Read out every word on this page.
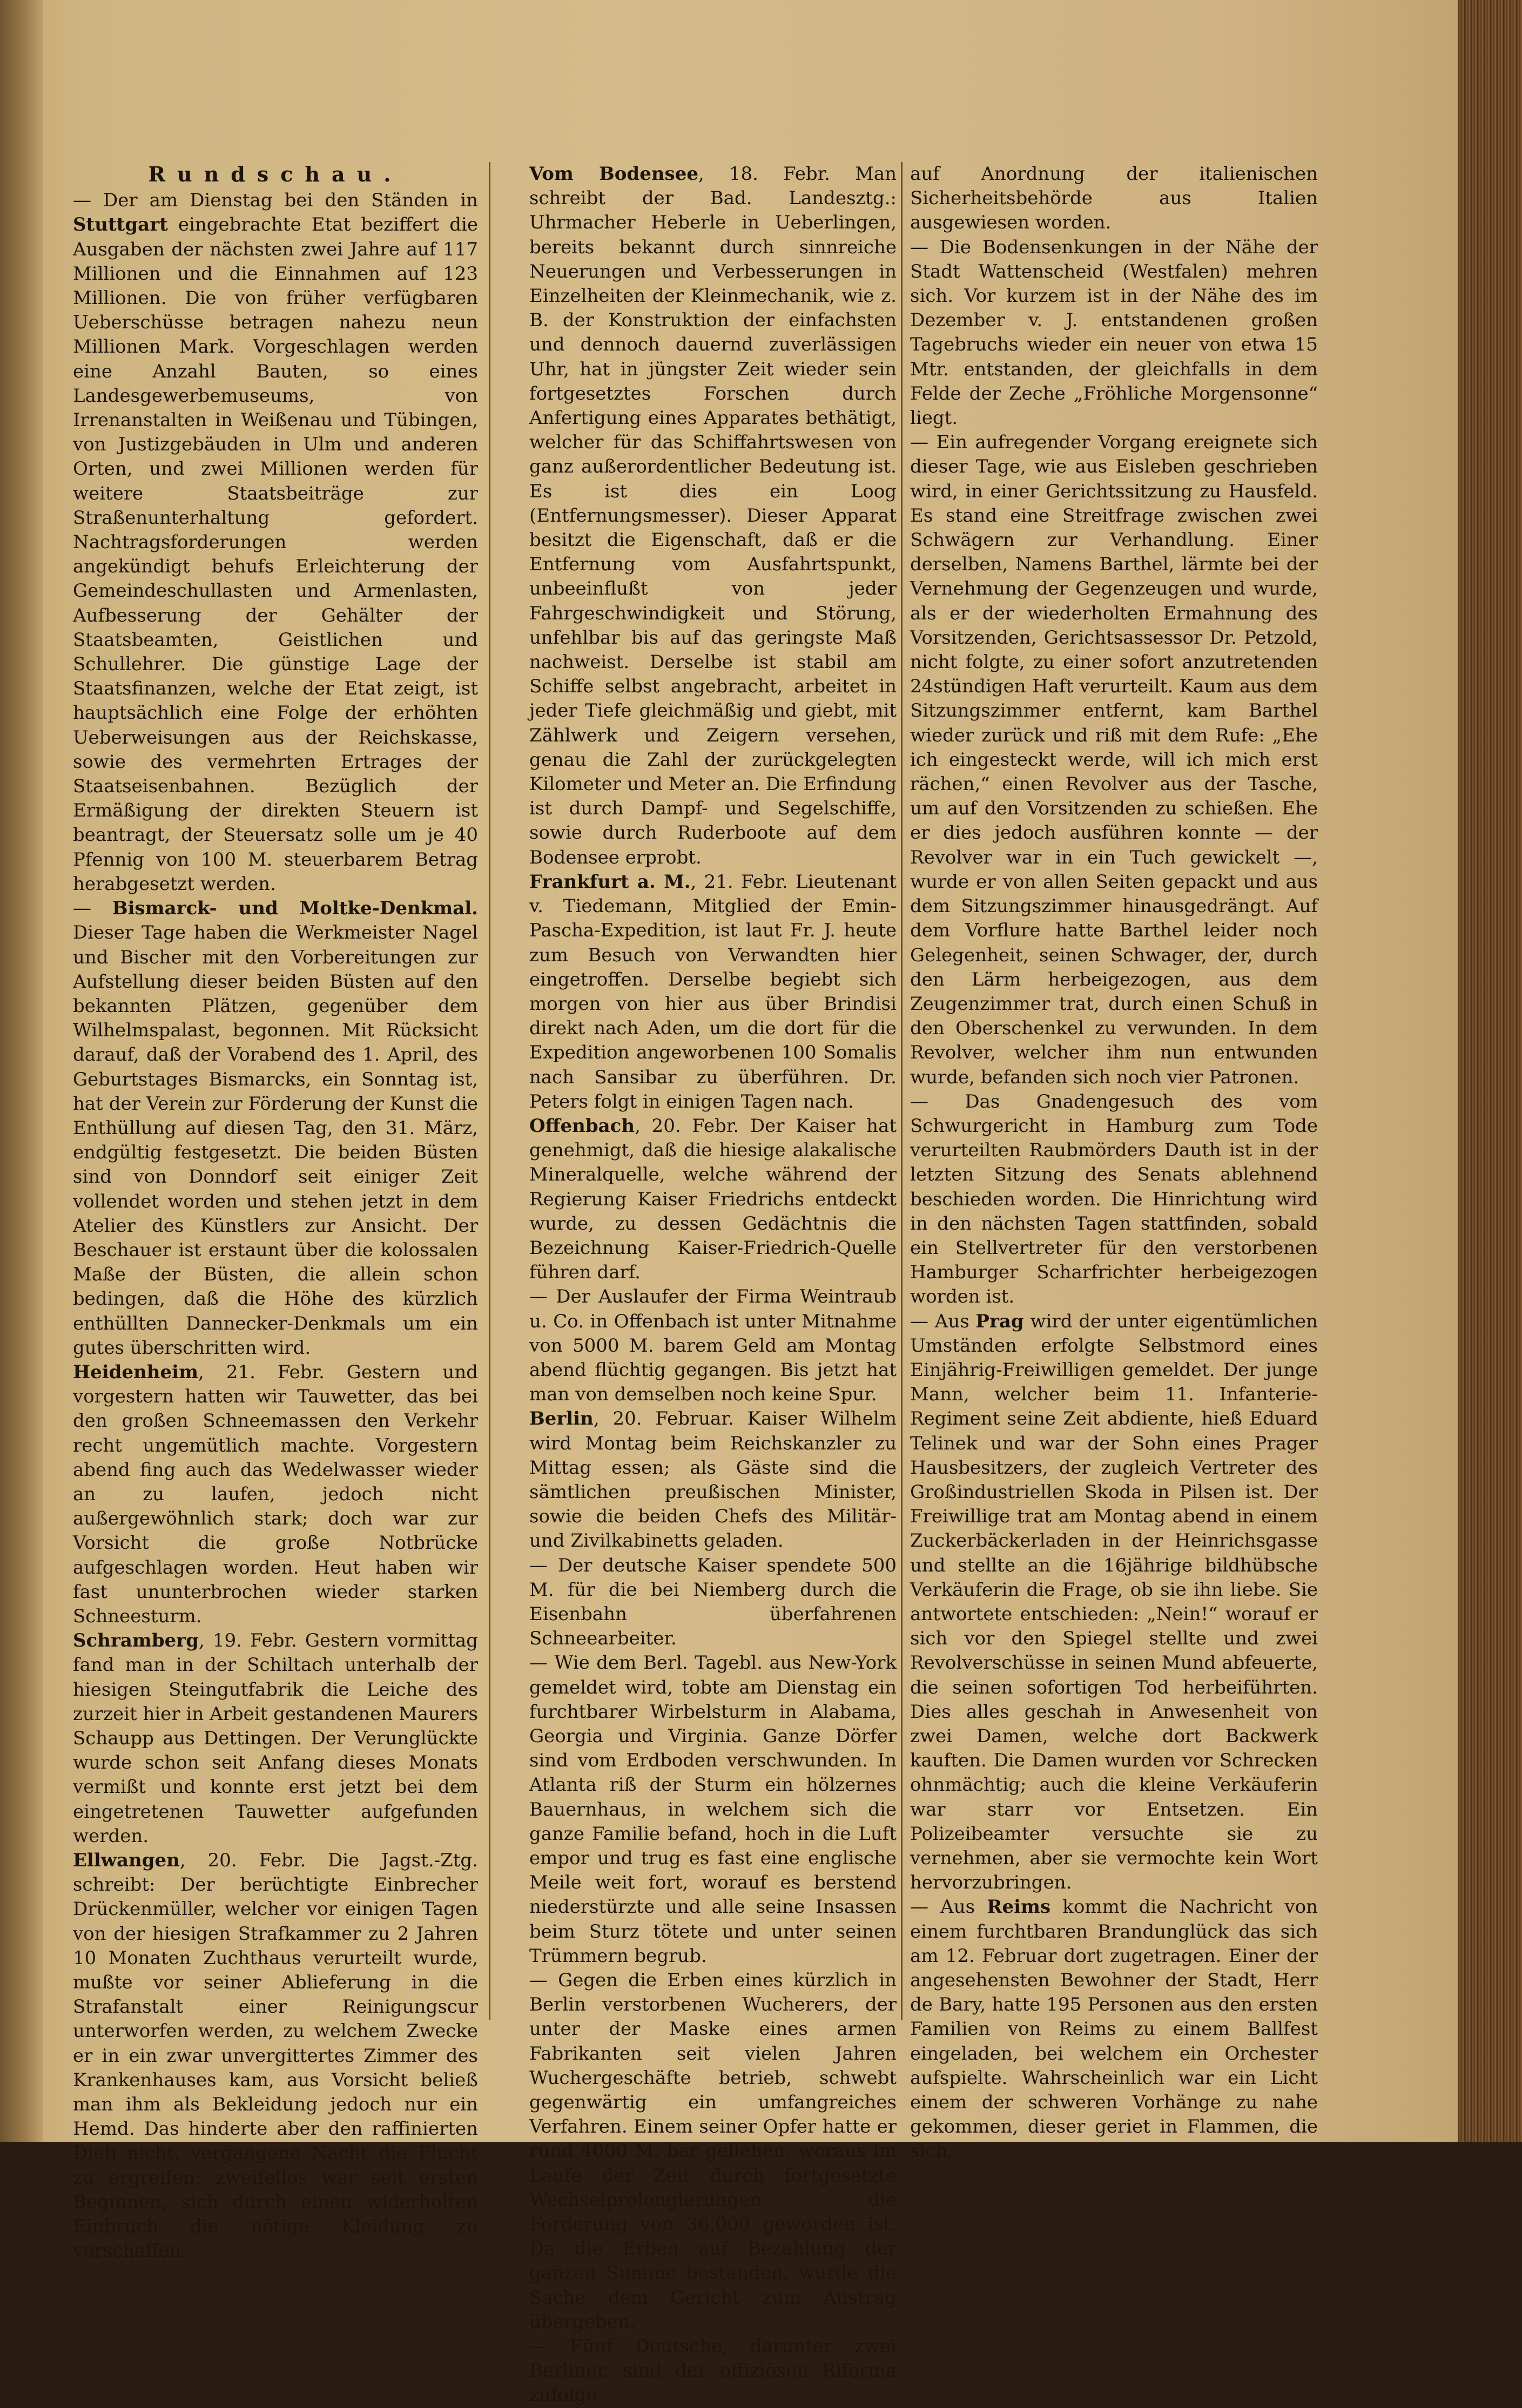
Rundschau.

— Der am Dienstag bei den Ständen in Stuttgart eingebrachte Etat beziffert die Ausgaben der nächsten zwei Jahre auf 117 Millionen und die Einnahmen auf 123 Millionen. Die von früher verfügbaren Ueberschüsse betragen nahezu neun Millionen Mark. Vorgeschlagen werden eine Anzahl Bauten, so eines Landesgewerbemuseums, von Irrenanstalten in Weißenau und Tübingen, von Justizgebäuden in Ulm und anderen Orten, und zwei Millionen werden für weitere Staatsbeiträge zur Straßenunterhaltung gefordert. Nachtragsforderungen werden angekündigt behufs Erleichterung der Gemeindeschullasten und Armenlasten, Aufbesserung der Gehälter der Staatsbeamten, Geistlichen und Schullehrer. Die günstige Lage der Staatsfinanzen, welche der Etat zeigt, ist hauptsächlich eine Folge der erhöhten Ueberweisungen aus der Reichskasse, sowie des vermehrten Ertrages der Staatseisenbahnen. Bezüglich der Ermäßigung der direkten Steuern ist beantragt, der Steuersatz solle um je 40 Pfennig von 100 M. steuerbarem Betrag herabgesetzt werden.

— Bismarck- und Moltke-Denkmal. Dieser Tage haben die Werkmeister Nagel und Bischer mit den Vorbereitungen zur Aufstellung dieser beiden Büsten auf den bekannten Plätzen, gegenüber dem Wilhelmspalast, begonnen. Mit Rücksicht darauf, daß der Vorabend des 1. April, des Geburtstages Bismarcks, ein Sonntag ist, hat der Verein zur Förderung der Kunst die Enthüllung auf diesen Tag, den 31. März, endgültig festgesetzt. Die beiden Büsten sind von Donndorf seit einiger Zeit vollendet worden und stehen jetzt in dem Atelier des Künstlers zur Ansicht. Der Beschauer ist erstaunt über die kolossalen Maße der Büsten, die allein schon bedingen, daß die Höhe des kürzlich enthüllten Dannecker-Denkmals um ein gutes überschritten wird.

Heidenheim, 21. Febr. Gestern und vorgestern hatten wir Tauwetter, das bei den großen Schneemassen den Verkehr recht ungemütlich machte. Vorgestern abend fing auch das Wedelwasser wieder an zu laufen, jedoch nicht außergewöhnlich stark; doch war zur Vorsicht die große Notbrücke aufgeschlagen worden. Heut haben wir fast ununterbrochen wieder starken Schneesturm.

Schramberg, 19. Febr. Gestern vormittag fand man in der Schiltach unterhalb der hiesigen Steingutfabrik die Leiche des zurzeit hier in Arbeit gestandenen Maurers Schaupp aus Dettingen. Der Verunglückte wurde schon seit Anfang dieses Monats vermißt und konnte erst jetzt bei dem eingetretenen Tauwetter aufgefunden werden.

Ellwangen, 20. Febr. Die Jagst.-Ztg. schreibt: Der berüchtigte Einbrecher Drückenmüller, welcher vor einigen Tagen von der hiesigen Strafkammer zu 2 Jahren 10 Monaten Zuchthaus verurteilt wurde, mußte vor seiner Ablieferung in die Strafanstalt einer Reinigungscur unterworfen werden, zu welchem Zwecke er in ein zwar unvergittertes Zimmer des Krankenhauses kam, aus Vorsicht beließ man ihm als Bekleidung jedoch nur ein Hemd. Das hinderte aber den raffinierten Dieb nicht, vergangene Nacht die Flucht zu ergreifen; zweifellos war seit ersten Beginnen, sich durch einen widerholten Einbruch die nötige Kleidung zu verschaffen.

Vom Bodensee, 18. Febr. Man schreibt der Bad. Landesztg.: Uhrmacher Heberle in Ueberlingen, bereits bekannt durch sinnreiche Neuerungen und Verbesserungen in Einzelheiten der Kleinmechanik, wie z. B. der Konstruktion der einfachsten und dennoch dauernd zuverlässigen Uhr, hat in jüngster Zeit wieder sein fortgesetztes Forschen durch Anfertigung eines Apparates bethätigt, welcher für das Schiffahrtswesen von ganz außerordentlicher Bedeutung ist. Es ist dies ein Loog (Entfernungsmesser). Dieser Apparat besitzt die Eigenschaft, daß er die Entfernung vom Ausfahrtspunkt, unbeeinflußt von jeder Fahrgeschwindigkeit und Störung, unfehlbar bis auf das geringste Maß nachweist. Derselbe ist stabil am Schiffe selbst angebracht, arbeitet in jeder Tiefe gleichmäßig und giebt, mit Zählwerk und Zeigern versehen, genau die Zahl der zurückgelegten Kilometer und Meter an. Die Erfindung ist durch Dampf- und Segelschiffe, sowie durch Ruderboote auf dem Bodensee erprobt.

Frankfurt a. M., 21. Febr. Lieutenant v. Tiedemann, Mitglied der Emin-Pascha-Expedition, ist laut Fr. J. heute zum Besuch von Verwandten hier eingetroffen. Derselbe begiebt sich morgen von hier aus über Brindisi direkt nach Aden, um die dort für die Expedition angeworbenen 100 Somalis nach Sansibar zu überführen. Dr. Peters folgt in einigen Tagen nach.

Offenbach, 20. Febr. Der Kaiser hat genehmigt, daß die hiesige alakalische Mineralquelle, welche während der Regierung Kaiser Friedrichs entdeckt wurde, zu dessen Gedächtnis die Bezeichnung Kaiser-Friedrich-Quelle führen darf.

— Der Auslaufer der Firma Weintraub u. Co. in Offenbach ist unter Mitnahme von 5000 M. barem Geld am Montag abend flüchtig gegangen. Bis jetzt hat man von demselben noch keine Spur.

Berlin, 20. Februar. Kaiser Wilhelm wird Montag beim Reichskanzler zu Mittag essen; als Gäste sind die sämtlichen preußischen Minister, sowie die beiden Chefs des Militär- und Zivilkabinetts geladen.

— Der deutsche Kaiser spendete 500 M. für die bei Niemberg durch die Eisenbahn überfahrenen Schneearbeiter.

— Wie dem Berl. Tagebl. aus New-York gemeldet wird, tobte am Dienstag ein furchtbarer Wirbelsturm in Alabama, Georgia und Virginia. Ganze Dörfer sind vom Erdboden verschwunden. In Atlanta riß der Sturm ein hölzernes Bauernhaus, in welchem sich die ganze Familie befand, hoch in die Luft empor und trug es fast eine englische Meile weit fort, worauf es berstend niederstürzte und alle seine Insassen beim Sturz tötete und unter seinen Trümmern begrub.

— Gegen die Erben eines kürzlich in Berlin verstorbenen Wucherers, der unter der Maske eines armen Fabrikanten seit vielen Jahren Wuchergeschäfte betrieb, schwebt gegenwärtig ein umfangreiches Verfahren. Einem seiner Opfer hatte er rund 4000 M. bar geliehen, woraus im Laufe der Zeit durch fortgesetzte Wechselprolongierungen die Forderung von 36,000 geworden ist. Da die Erben auf Bezahlung der ganzen Summe bestanden, wurde die Sache dem Gericht zum Austrag übergeben.

— Fünf Deutsche, darunter zwei Berliner, sind der offiziösen Riforma zufolge

auf Anordnung der italienischen Sicherheitsbehörde aus Italien ausgewiesen worden.

— Die Bodensenkungen in der Nähe der Stadt Wattenscheid (Westfalen) mehren sich. Vor kurzem ist in der Nähe des im Dezember v. J. entstandenen großen Tagebruchs wieder ein neuer von etwa 15 Mtr. entstanden, der gleichfalls in dem Felde der Zeche „Fröhliche Morgensonne“ liegt.

— Ein aufregender Vorgang ereignete sich dieser Tage, wie aus Eisleben geschrieben wird, in einer Gerichtssitzung zu Hausfeld. Es stand eine Streitfrage zwischen zwei Schwägern zur Verhandlung. Einer derselben, Namens Barthel, lärmte bei der Vernehmung der Gegenzeugen und wurde, als er der wiederholten Ermahnung des Vorsitzenden, Gerichtsassessor Dr. Petzold, nicht folgte, zu einer sofort anzutretenden 24stündigen Haft verurteilt. Kaum aus dem Sitzungszimmer entfernt, kam Barthel wieder zurück und riß mit dem Rufe: „Ehe ich eingesteckt werde, will ich mich erst rächen,“ einen Revolver aus der Tasche, um auf den Vorsitzenden zu schießen. Ehe er dies jedoch ausführen konnte — der Revolver war in ein Tuch gewickelt —, wurde er von allen Seiten gepackt und aus dem Sitzungszimmer hinausgedrängt. Auf dem Vorflure hatte Barthel leider noch Gelegenheit, seinen Schwager, der, durch den Lärm herbeigezogen, aus dem Zeugenzimmer trat, durch einen Schuß in den Oberschenkel zu verwunden. In dem Revolver, welcher ihm nun entwunden wurde, befanden sich noch vier Patronen.

— Das Gnadengesuch des vom Schwurgericht in Hamburg zum Tode verurteilten Raubmörders Dauth ist in der letzten Sitzung des Senats ablehnend beschieden worden. Die Hinrichtung wird in den nächsten Tagen stattfinden, sobald ein Stellvertreter für den verstorbenen Hamburger Scharfrichter herbeigezogen worden ist.

— Aus Prag wird der unter eigentümlichen Umständen erfolgte Selbstmord eines Einjährig-Freiwilligen gemeldet. Der junge Mann, welcher beim 11. Infanterie-Regiment seine Zeit abdiente, hieß Eduard Telinek und war der Sohn eines Prager Hausbesitzers, der zugleich Vertreter des Großindustriellen Skoda in Pilsen ist. Der Freiwillige trat am Montag abend in einem Zuckerbäckerladen in der Heinrichsgasse und stellte an die 16jährige bildhübsche Verkäuferin die Frage, ob sie ihn liebe. Sie antwortete entschieden: „Nein!“ worauf er sich vor den Spiegel stellte und zwei Revolverschüsse in seinen Mund abfeuerte, die seinen sofortigen Tod herbeiführten. Dies alles geschah in Anwesenheit von zwei Damen, welche dort Backwerk kauften. Die Damen wurden vor Schrecken ohnmächtig; auch die kleine Verkäuferin war starr vor Entsetzen. Ein Polizeibeamter versuchte sie zu vernehmen, aber sie vermochte kein Wort hervorzubringen.

— Aus Reims kommt die Nachricht von einem furchtbaren Brandunglück das sich am 12. Februar dort zugetragen. Einer der angesehensten Bewohner der Stadt, Herr de Bary, hatte 195 Personen aus den ersten Familien von Reims zu einem Ballfest eingeladen, bei welchem ein Orchester aufspielte. Wahrscheinlich war ein Licht einem der schweren Vorhänge zu nahe gekommen, dieser geriet in Flammen, die sich,
